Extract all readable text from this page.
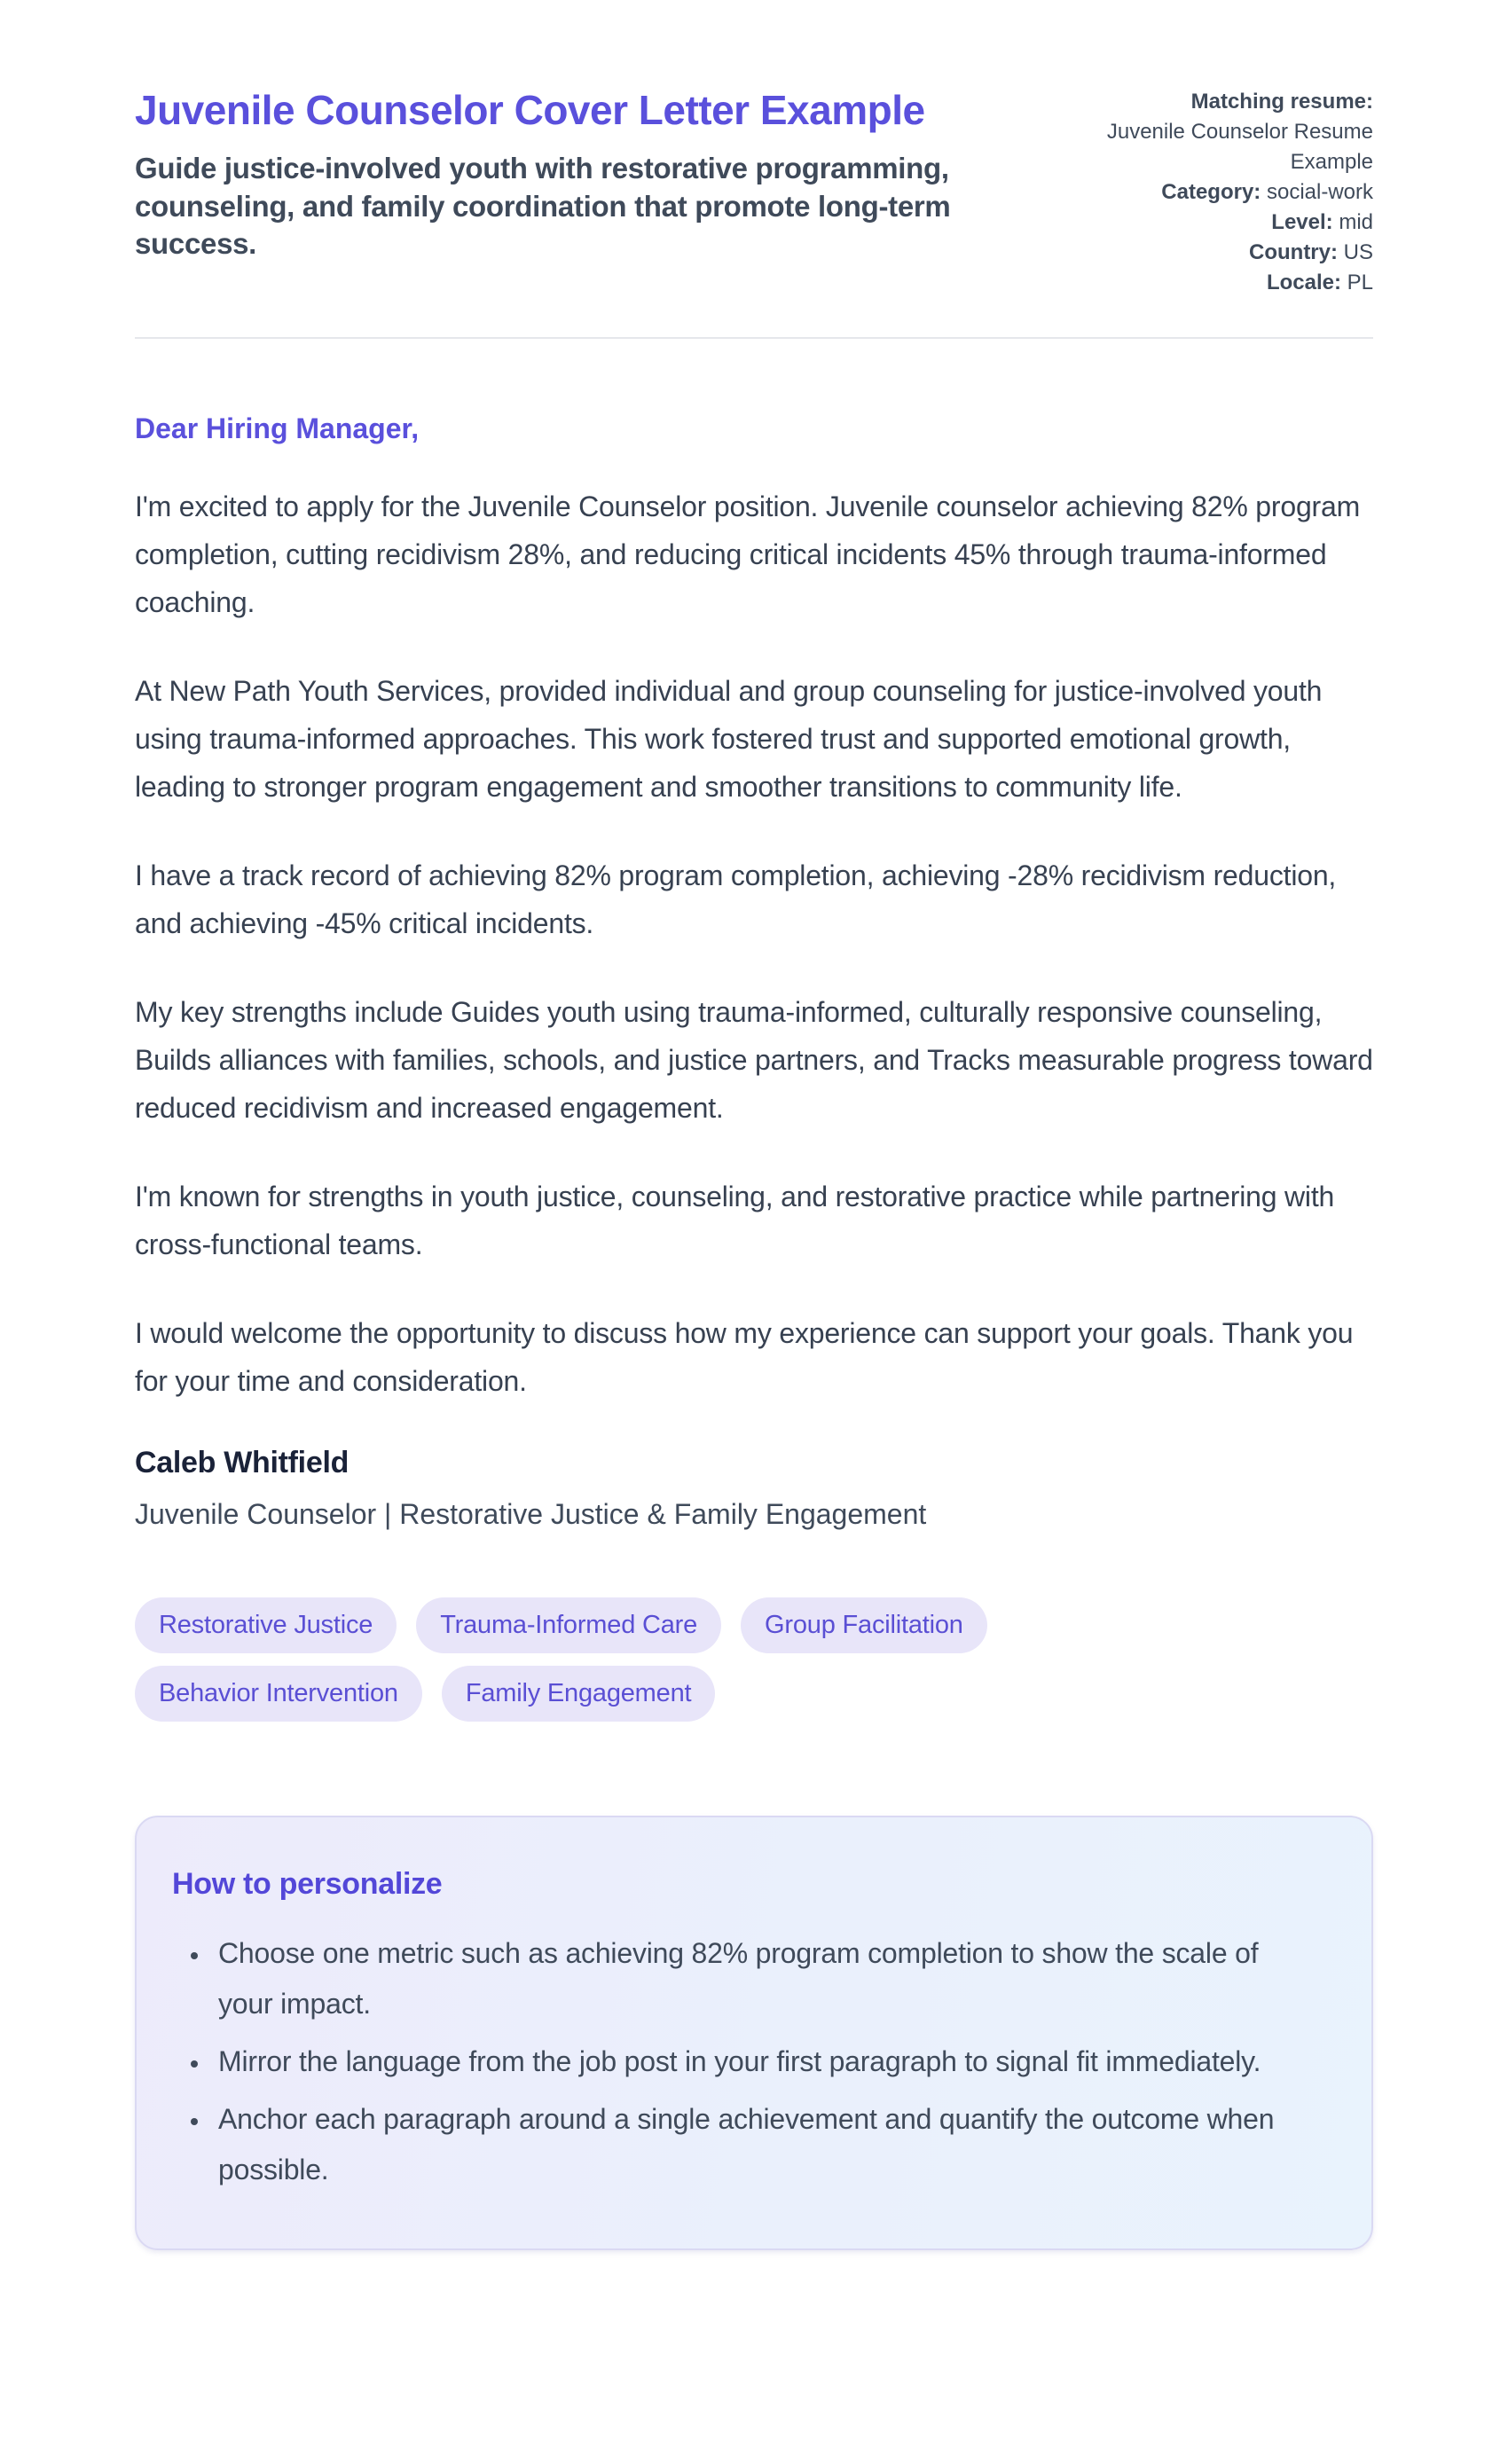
Juvenile Counselor Cover Letter Example

Guide justice-involved youth with restorative programming, counseling, and family coordination that promote long-term success.

Matching resume:

Juvenile Counselor Resume Example

Category: social-work

Level: mid

Country: US

Locale: PL

Dear Hiring Manager,

I'm excited to apply for the Juvenile Counselor position. Juvenile counselor achieving 82% program completion, cutting recidivism 28%, and reducing critical incidents 45% through trauma-informed coaching.

At New Path Youth Services, provided individual and group counseling for justice-involved youth using trauma-informed approaches. This work fostered trust and supported emotional growth, leading to stronger program engagement and smoother transitions to community life.

I have a track record of achieving 82% program completion, achieving -28% recidivism reduction, and achieving -45% critical incidents.

My key strengths include Guides youth using trauma-informed, culturally responsive counseling, Builds alliances with families, schools, and justice partners, and Tracks measurable progress toward reduced recidivism and increased engagement.

I'm known for strengths in youth justice, counseling, and restorative practice while partnering with cross-functional teams.

I would welcome the opportunity to discuss how my experience can support your goals. Thank you for your time and consideration.

Caleb Whitfield

Juvenile Counselor | Restorative Justice & Family Engagement

Restorative Justice	Trauma-Informed Care	Group Facilitation
Behavior Intervention	Family Engagement
How to personalize
• Choose one metric such as achieving 82% program completion to show the scale of your impact.
• Mirror the language from the job post in your first paragraph to signal fit immediately.
• Anchor each paragraph around a single achievement and quantify the outcome when possible.
